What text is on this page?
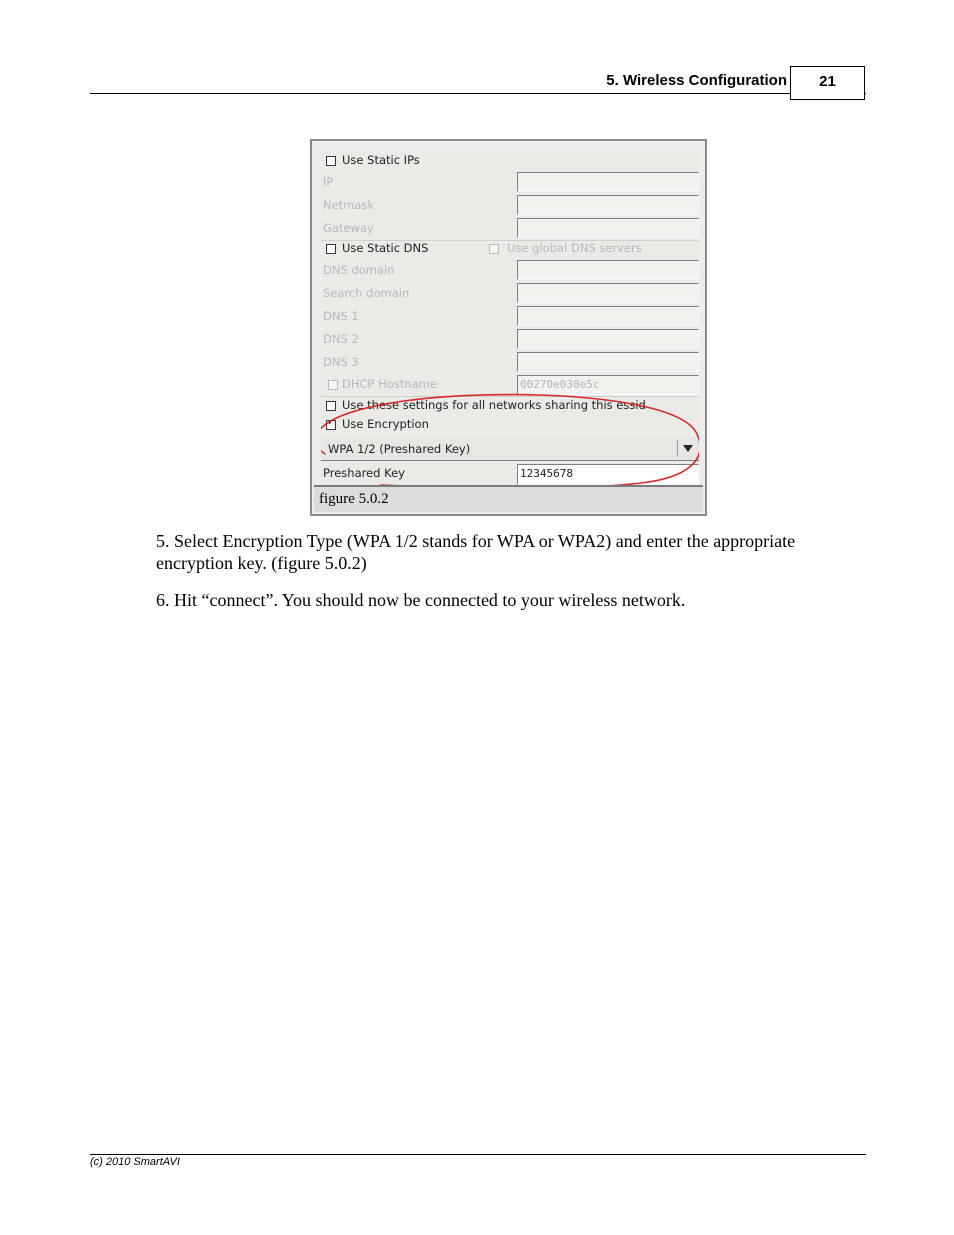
5. Wireless Configuration	21
Use Static IPs
IP
Netmask
Gateway
Use Static DNS	Use global DNS servers
DNS domain
Search domain
DNS 1
DNS 2
DNS 3
DHCP Hostname	00270e030e5c
Use these settings for all networks sharing this essid
✓ Use Encryption
WPA 1/2 (Preshared Key)
Preshared Key	12345678
figure 5.0.2
5. Select Encryption Type (WPA 1/2 stands for WPA or WPA2) and enter the appropriate encryption key. (figure 5.0.2)
6. Hit “connect”. You should now be connected to your wireless network.
(c) 2010 SmartAVI
